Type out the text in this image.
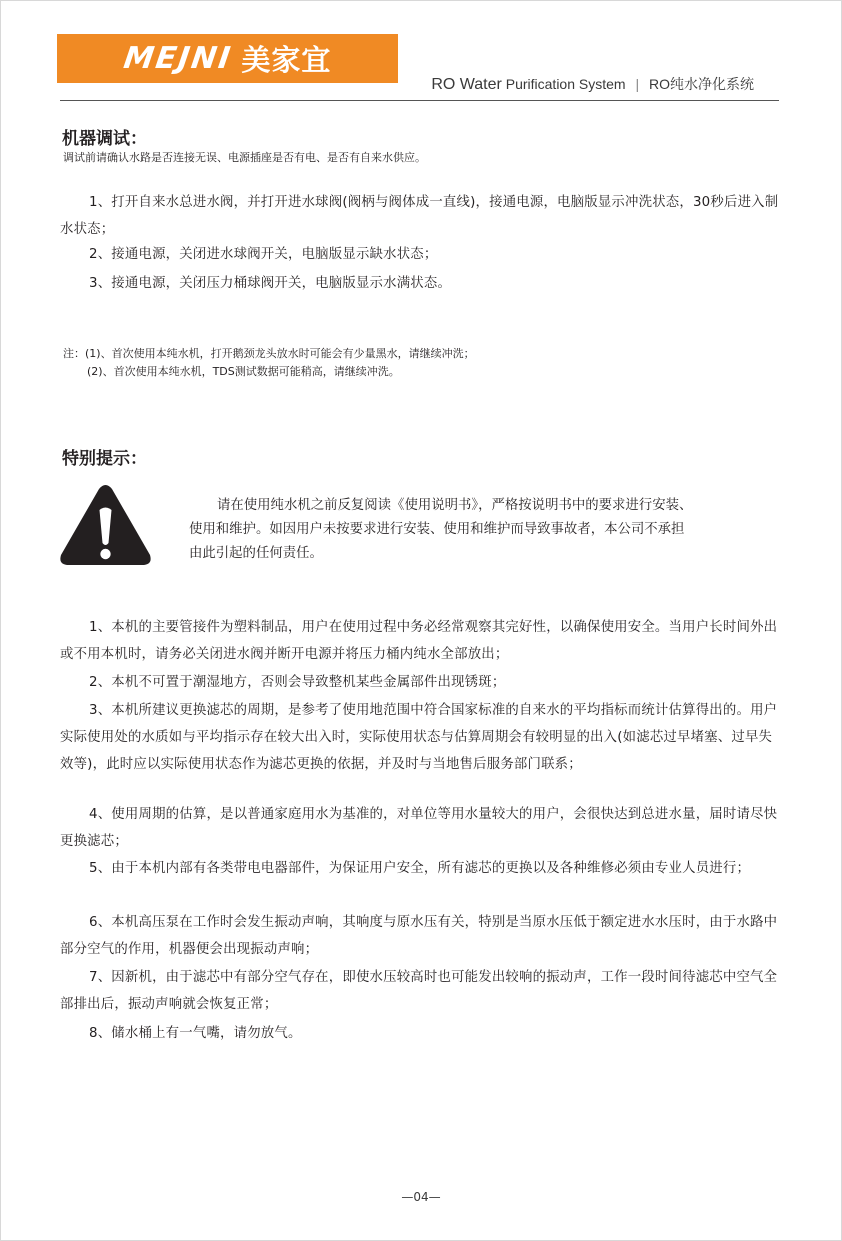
MEJNI 美家宜
RO Water Purification System | RO纯水净化系统
机器调试：
调试前请确认水路是否连接无误、电源插座是否有电、是否有自来水供应。
1、打开自来水总进水阀，并打开进水球阀(阀柄与阀体成一直线)，接通电源，电脑版显示冲洗状态，30秒后进入制水状态；
2、接通电源，关闭进水球阀开关，电脑版显示缺水状态；
3、接通电源，关闭压力桶球阀开关，电脑版显示水满状态。
注：(1)、首次使用本纯水机，打开鹅颈龙头放水时可能会有少量黑水，请继续冲洗；
(2)、首次使用本纯水机，TDS测试数据可能稍高，请继续冲洗。
特别提示：
请在使用纯水机之前反复阅读《使用说明书》，严格按说明书中的要求进行安装、使用和维护。如因用户未按要求进行安装、使用和维护而导致事故者，本公司不承担由此引起的任何责任。
1、本机的主要管接件为塑料制品，用户在使用过程中务必经常观察其完好性，以确保使用安全。当用户长时间外出或不用本机时，请务必关闭进水阀并断开电源并将压力桶内纯水全部放出；
2、本机不可置于潮湿地方，否则会导致整机某些金属部件出现锈斑；
3、本机所建议更换滤芯的周期，是参考了使用地范围中符合国家标准的自来水的平均指标而统计估算得出的。用户实际使用处的水质如与平均指示存在较大出入时，实际使用状态与估算周期会有较明显的出入(如滤芯过早堵塞、过早失效等)，此时应以实际使用状态作为滤芯更换的依据，并及时与当地售后服务部门联系；
4、使用周期的估算，是以普通家庭用水为基准的，对单位等用水量较大的用户，会很快达到总进水量，届时请尽快更换滤芯；
5、由于本机内部有各类带电电器部件，为保证用户安全，所有滤芯的更换以及各种维修必须由专业人员进行；
6、本机高压泵在工作时会发生振动声响，其响度与原水压有关，特别是当原水压低于额定进水水压时，由于水路中部分空气的作用，机器便会出现振动声响；
7、因新机，由于滤芯中有部分空气存在，即使水压较高时也可能发出较响的振动声，工作一段时间待滤芯中空气全部排出后，振动声响就会恢复正常；
8、储水桶上有一气嘴，请勿放气。
—04—
